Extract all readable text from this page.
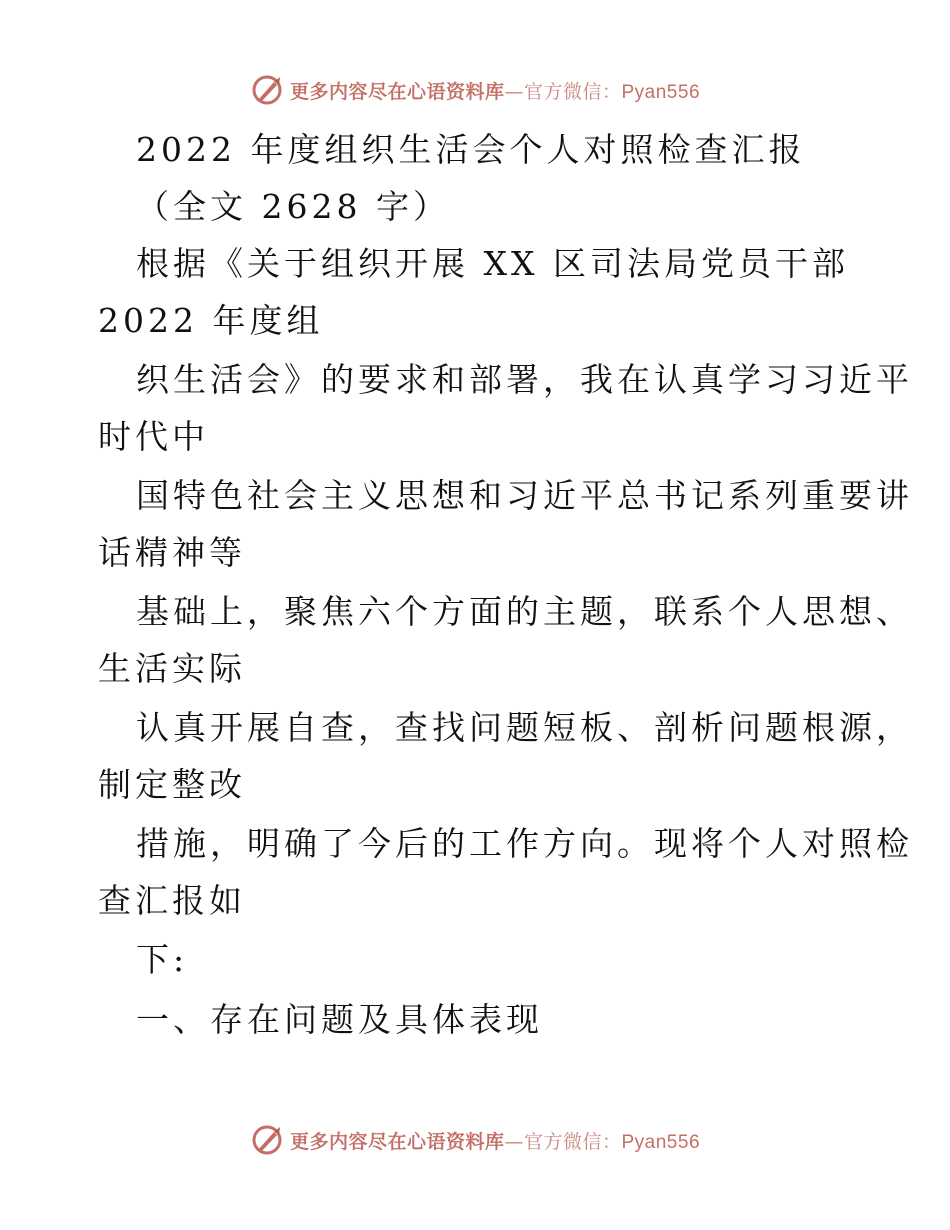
更多内容尽在心语资料库—官方微信：Pyan556
2022 年度组织生活会个人对照检查汇报
（全文 2628 字）
根据《关于组织开展 XX 区司法局党员干部
2022 年度组
织生活会》的要求和部署，我在认真学习习近平
时代中
国特色社会主义思想和习近平总书记系列重要讲
话精神等
基础上，聚焦六个方面的主题，联系个人思想、
生活实际
认真开展自查，查找问题短板、剖析问题根源，
制定整改
措施，明确了今后的工作方向。现将个人对照检
查汇报如
下:
一、存在问题及具体表现
更多内容尽在心语资料库—官方微信：Pyan556
